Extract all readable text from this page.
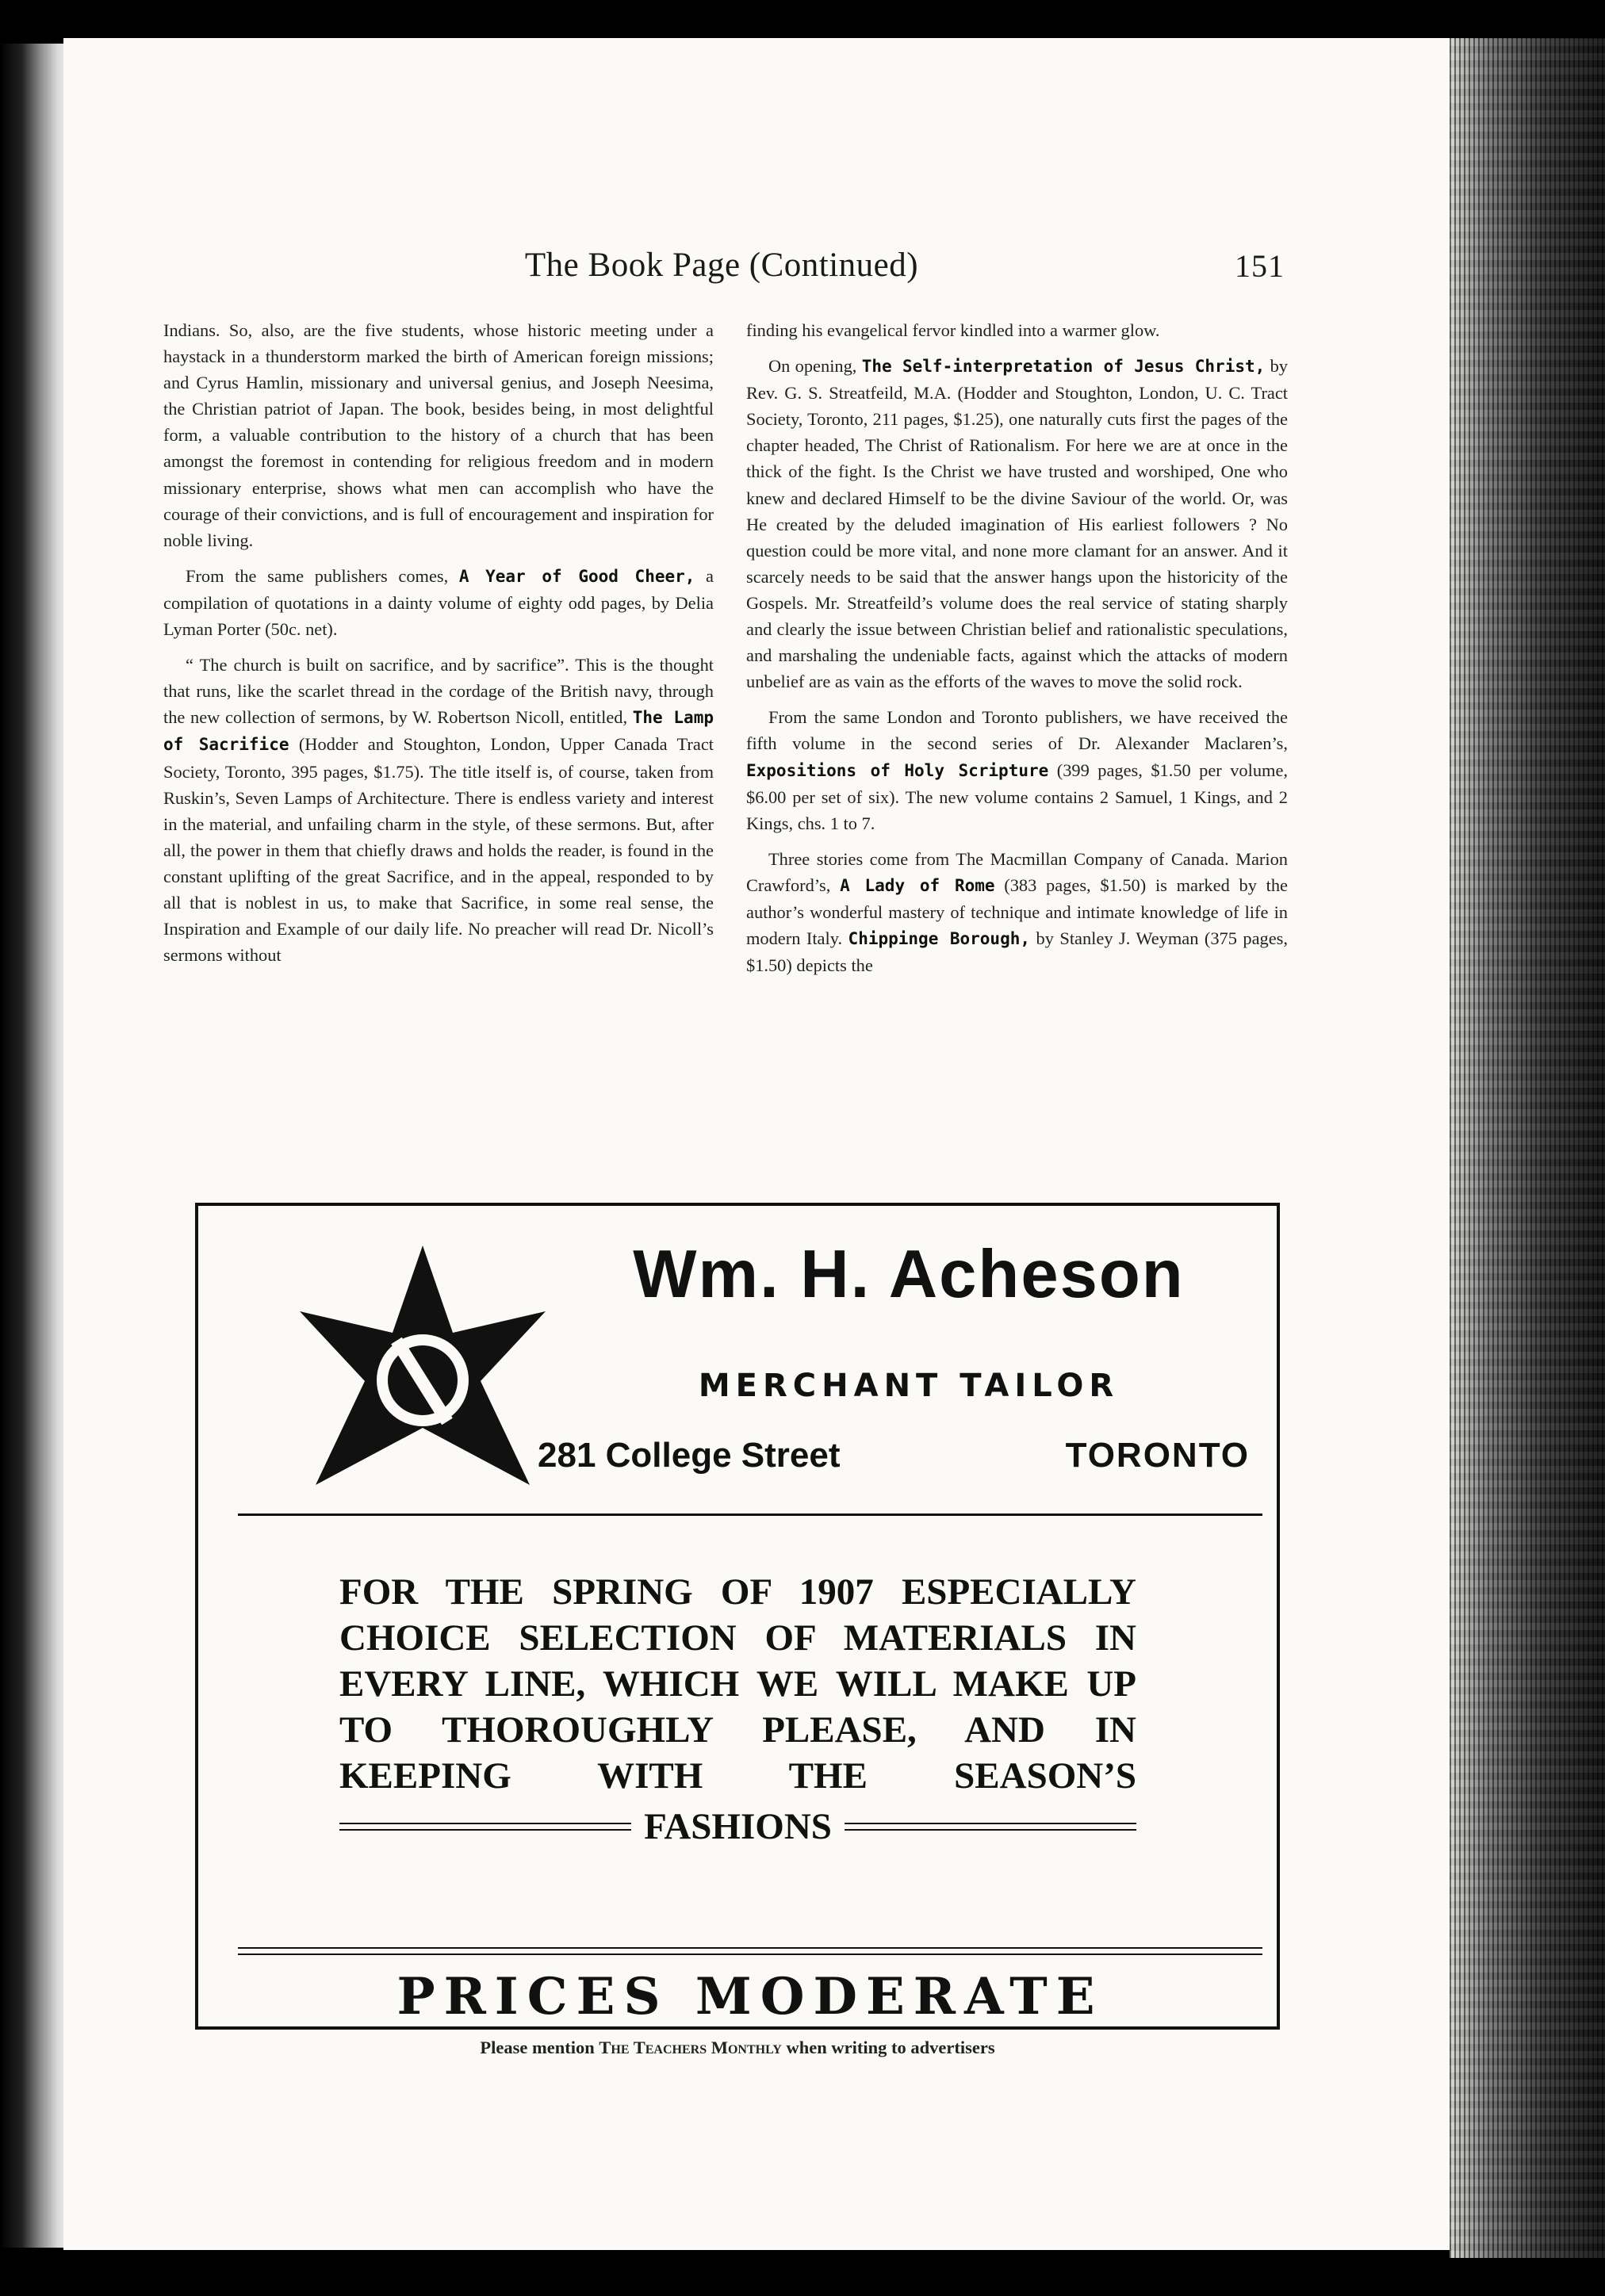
The Book Page (Continued)	151

Indians. So, also, are the five students, whose historic meeting under a haystack in a thunderstorm marked the birth of American foreign missions; and Cyrus Hamlin, missionary and universal genius, and Joseph Neesima, the Christian patriot of Japan. The book, besides being, in most delightful form, a valuable contribution to the history of a church that has been amongst the foremost in contending for religious freedom and in modern missionary enterprise, shows what men can accomplish who have the courage of their convictions, and is full of encouragement and inspiration for noble living.

From the same publishers comes, A Year of Good Cheer, a compilation of quotations in a dainty volume of eighty odd pages, by Delia Lyman Porter (50c. net).

“ The church is built on sacrifice, and by sacrifice”. This is the thought that runs, like the scarlet thread in the cordage of the British navy, through the new collection of sermons, by W. Robertson Nicoll, entitled, The Lamp of Sacrifice (Hodder and Stoughton, London, Upper Canada Tract Society, Toronto, 395 pages, $1.75). The title itself is, of course, taken from Ruskin’s, Seven Lamps of Architecture. There is endless variety and interest in the material, and unfailing charm in the style, of these sermons. But, after all, the power in them that chiefly draws and holds the reader, is found in the constant uplifting of the great Sacrifice, and in the appeal, responded to by all that is noblest in us, to make that Sacrifice, in some real sense, the Inspiration and Example of our daily life. No preacher will read Dr. Nicoll’s sermons without

finding his evangelical fervor kindled into a warmer glow.

On opening, The Self-interpretation of Jesus Christ, by Rev. G. S. Streatfeild, M.A. (Hodder and Stoughton, London, U. C. Tract Society, Toronto, 211 pages, $1.25), one naturally cuts first the pages of the chapter headed, The Christ of Rationalism. For here we are at once in the thick of the fight. Is the Christ we have trusted and worshiped, One who knew and declared Himself to be the divine Saviour of the world. Or, was He created by the deluded imagination of His earliest followers ? No question could be more vital, and none more clamant for an answer. And it scarcely needs to be said that the answer hangs upon the historicity of the Gospels. Mr. Streatfeild’s volume does the real service of stating sharply and clearly the issue between Christian belief and rationalistic speculations, and marshaling the undeniable facts, against which the attacks of modern unbelief are as vain as the efforts of the waves to move the solid rock.

From the same London and Toronto publishers, we have received the fifth volume in the second series of Dr. Alexander Maclaren’s, Expositions of Holy Scripture (399 pages, $1.50 per volume, $6.00 per set of six). The new volume contains 2 Samuel, 1 Kings, and 2 Kings, chs. 1 to 7.

Three stories come from The Macmillan Company of Canada. Marion Crawford’s, A Lady of Rome (383 pages, $1.50) is marked by the author’s wonderful mastery of technique and intimate knowledge of life in modern Italy. Chippinge Borough, by Stanley J. Weyman (375 pages, $1.50) depicts the

Wm. H. Acheson
MERCHANT TAILOR
281 College Street	TORONTO
FOR THE SPRING OF 1907 ESPECIALLY CHOICE SELECTION OF MATERIALS IN EVERY LINE, WHICH WE WILL MAKE UP TO THOROUGHLY PLEASE, AND IN KEEPING WITH THE SEASON’S
FASHIONS
PRICES MODERATE
Please mention The Teachers Monthly when writing to advertisers
